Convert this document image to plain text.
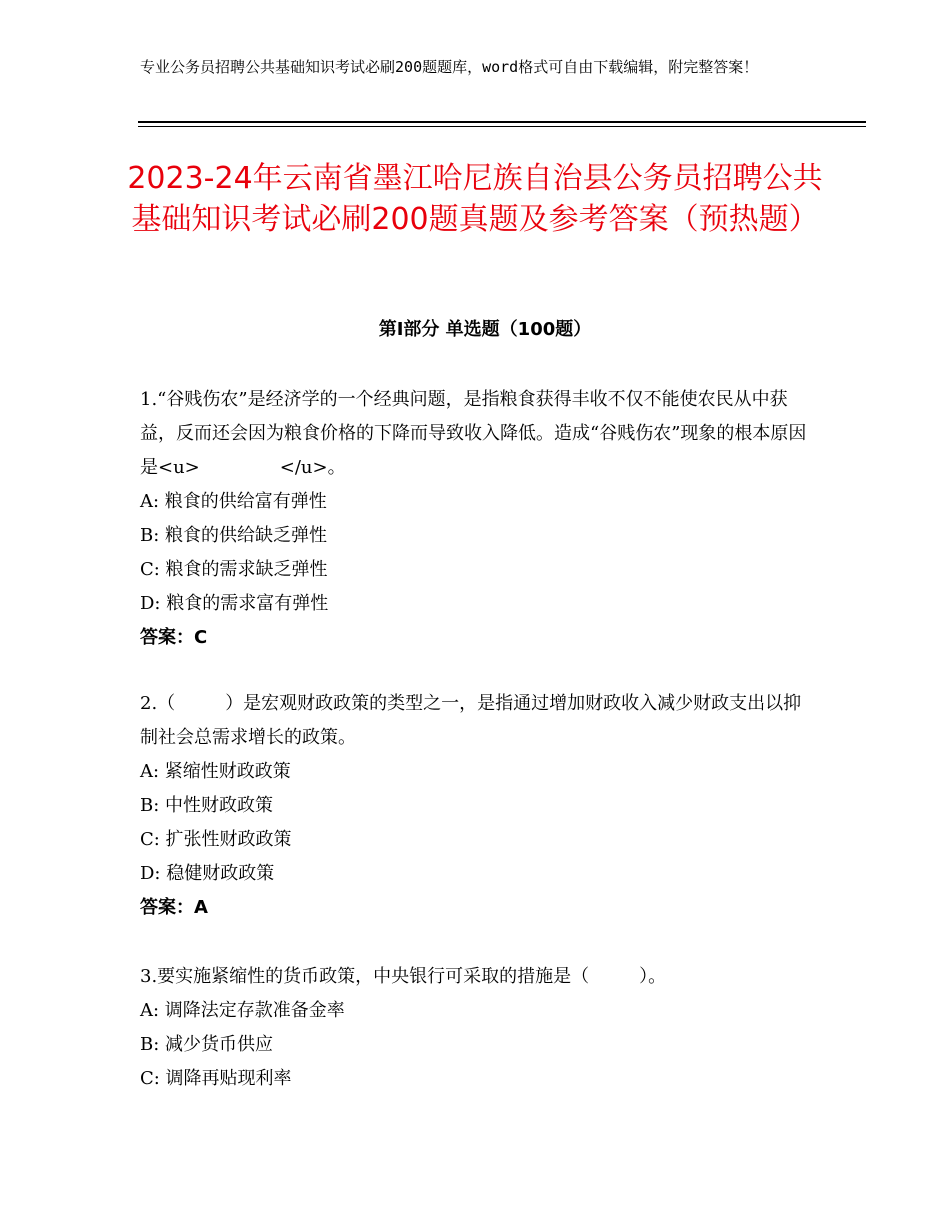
专业公务员招聘公共基础知识考试必刷200题题库，word格式可自由下载编辑，附完整答案！
2023-24年云南省墨江哈尼族自治县公务员招聘公共基础知识考试必刷200题真题及参考答案（预热题）
第Ⅰ部分 单选题（100题）

1.“谷贱伤农”是经济学的一个经典问题，是指粮食获得丰收不仅不能使农民从中获益，反而还会因为粮食价格的下降而导致收入降低。造成“谷贱伤农”现象的根本原因是<u>	</u>。

A: 粮食的供给富有弹性

B: 粮食的供给缺乏弹性

C: 粮食的需求缺乏弹性

D: 粮食的需求富有弹性

答案：C

2.（	）是宏观财政政策的类型之一，是指通过增加财政收入减少财政支出以抑制社会总需求增长的政策。

A: 紧缩性财政政策

B: 中性财政政策

C: 扩张性财政政策

D: 稳健财政政策

答案：A

3.要实施紧缩性的货币政策，中央银行可采取的措施是（	）。

A: 调降法定存款准备金率

B: 减少货币供应

C: 调降再贴现利率
